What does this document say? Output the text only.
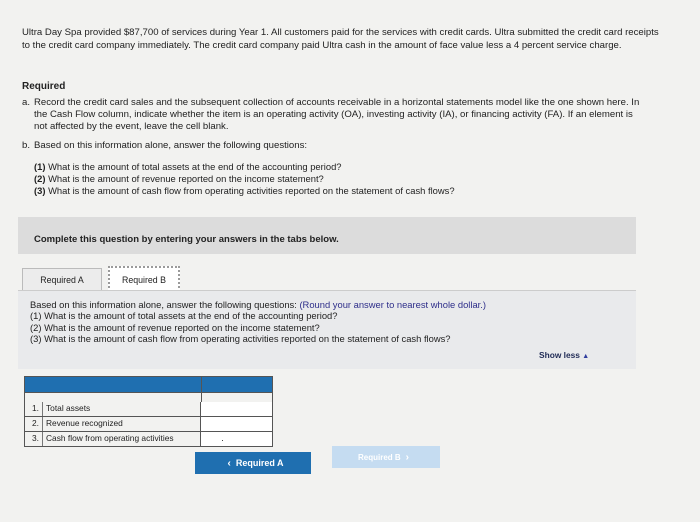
Ultra Day Spa provided $87,700 of services during Year 1. All customers paid for the services with credit cards. Ultra submitted the credit card receipts to the credit card company immediately. The credit card company paid Ultra cash in the amount of face value less a 4 percent service charge.
Required
a. Record the credit card sales and the subsequent collection of accounts receivable in a horizontal statements model like the one shown here. In the Cash Flow column, indicate whether the item is an operating activity (OA), investing activity (IA), or financing activity (FA). If an element is not affected by the event, leave the cell blank.
b. Based on this information alone, answer the following questions:
(1) What is the amount of total assets at the end of the accounting period?
(2) What is the amount of revenue reported on the income statement?
(3) What is the amount of cash flow from operating activities reported on the statement of cash flows?
Complete this question by entering your answers in the tabs below.
Required A	Required B
Based on this information alone, answer the following questions: (Round your answer to nearest whole dollar.)
(1) What is the amount of total assets at the end of the accounting period?
(2) What is the amount of revenue reported on the income statement?
(3) What is the amount of cash flow from operating activities reported on the statement of cash flows?
Show less ▲
1. Total assets
2. Revenue recognized
3. Cash flow from operating activities	·
‹ Required A
Required B ›
